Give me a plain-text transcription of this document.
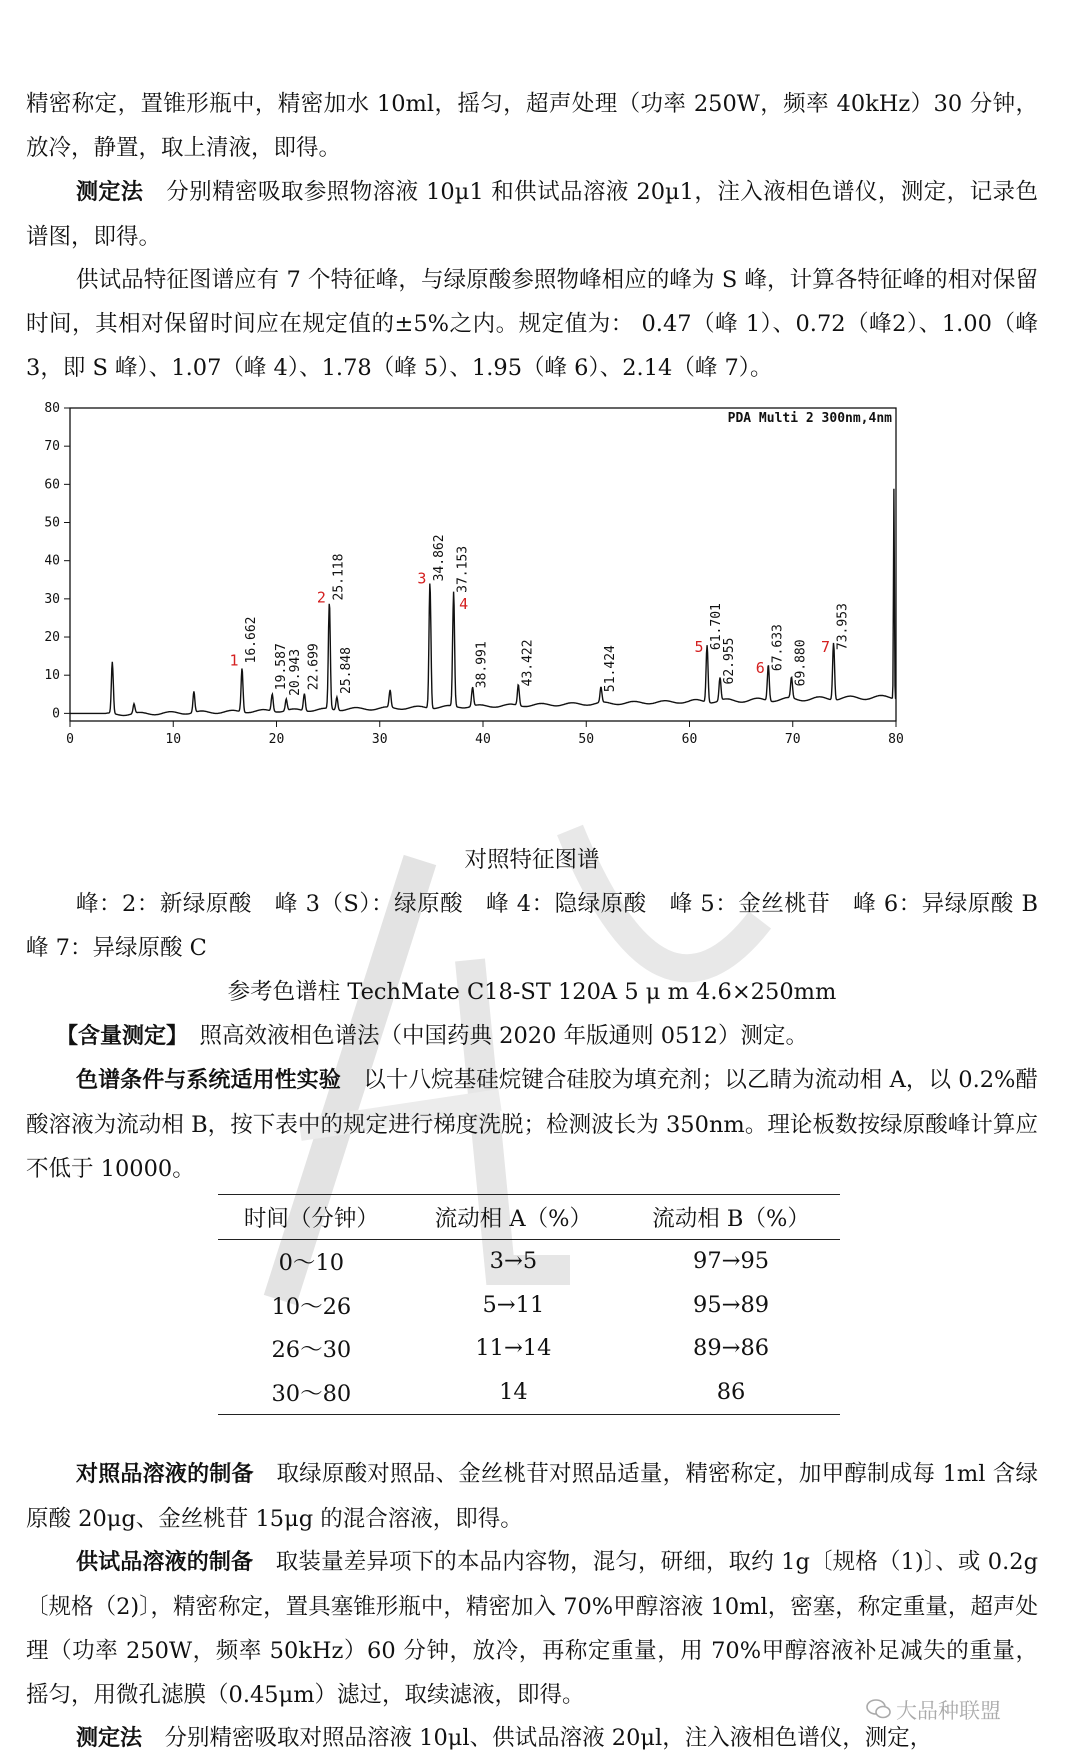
精密称定，置锥形瓶中，精密加水 10ml，摇匀，超声处理（功率 250W，频率 40kHz）30 分钟，放冷，静置，取上清液，即得。

测定法　分别精密吸取参照物溶液 10µ1 和供试品溶液 20µ1，注入液相色谱仪，测定，记录色谱图，即得。

供试品特征图谱应有 7 个特征峰，与绿原酸参照物峰相应的峰为 S 峰，计算各特征峰的相对保留时间，其相对保留时间应在规定值的±5%之内。规定值为： 0.47（峰 1）、0.72（峰2）、1.00（峰 3，即 S 峰）、1.07（峰 4）、1.78（峰 5）、1.95（峰 6）、2.14（峰 7）。

0
10
20
30
40
50
60
70
80
0	10	20	30	40	50	60	70	80
PDA Multi 2 300nm,4nm
16.662
1	19.587 20.943 22.699
25.118
2
25.848
34.862
3 37.153
4
38.991 43.422	51.424
61.701
5 62.955	67.633
6 69.880
73.953
7

对照特征图谱

峰：2：新绿原酸　峰 3（S）：绿原酸　峰 4：隐绿原酸　峰 5：金丝桃苷　峰 6：异绿原酸 B　峰 7：异绿原酸 C

参考色谱柱 TechMate C18-ST 120A 5 μ m 4.6×250mm

【含量测定】　照高效液相色谱法（中国药典 2020 年版通则 0512）测定。

色谱条件与系统适用性实验　以十八烷基硅烷键合硅胶为填充剂；以乙睛为流动相 A，以 0.2%醋酸溶液为流动相 B，按下表中的规定进行梯度洗脱；检测波长为 350nm。理论板数按绿原酸峰计算应不低于 10000。

时间（分钟）	流动相 A（%）	流动相 B（%）
0～10	3→5	97→95
10～26	5→11	95→89
26～30	11→14	89→86
30～80	14	86

对照品溶液的制备　取绿原酸对照品、金丝桃苷对照品适量，精密称定，加甲醇制成每 1ml 含绿原酸 20μg、金丝桃苷 15μg 的混合溶液，即得。

供试品溶液的制备　取装量差异项下的本品内容物，混匀，研细，取约 1g〔规格（1)〕、或 0.2g〔规格（2)〕，精密称定，置具塞锥形瓶中，精密加入 70%甲醇溶液 10ml，密塞，称定重量，超声处理（功率 250W，频率 50kHz）60 分钟，放冷，再称定重量，用 70%甲醇溶液补足减失的重量，摇匀，用微孔滤膜（0.45μm）滤过，取续滤液，即得。

测定法　分别精密吸取对照品溶液 10μl、供试品溶液 20μl，注入液相色谱仪，测定，

大品种联盟
